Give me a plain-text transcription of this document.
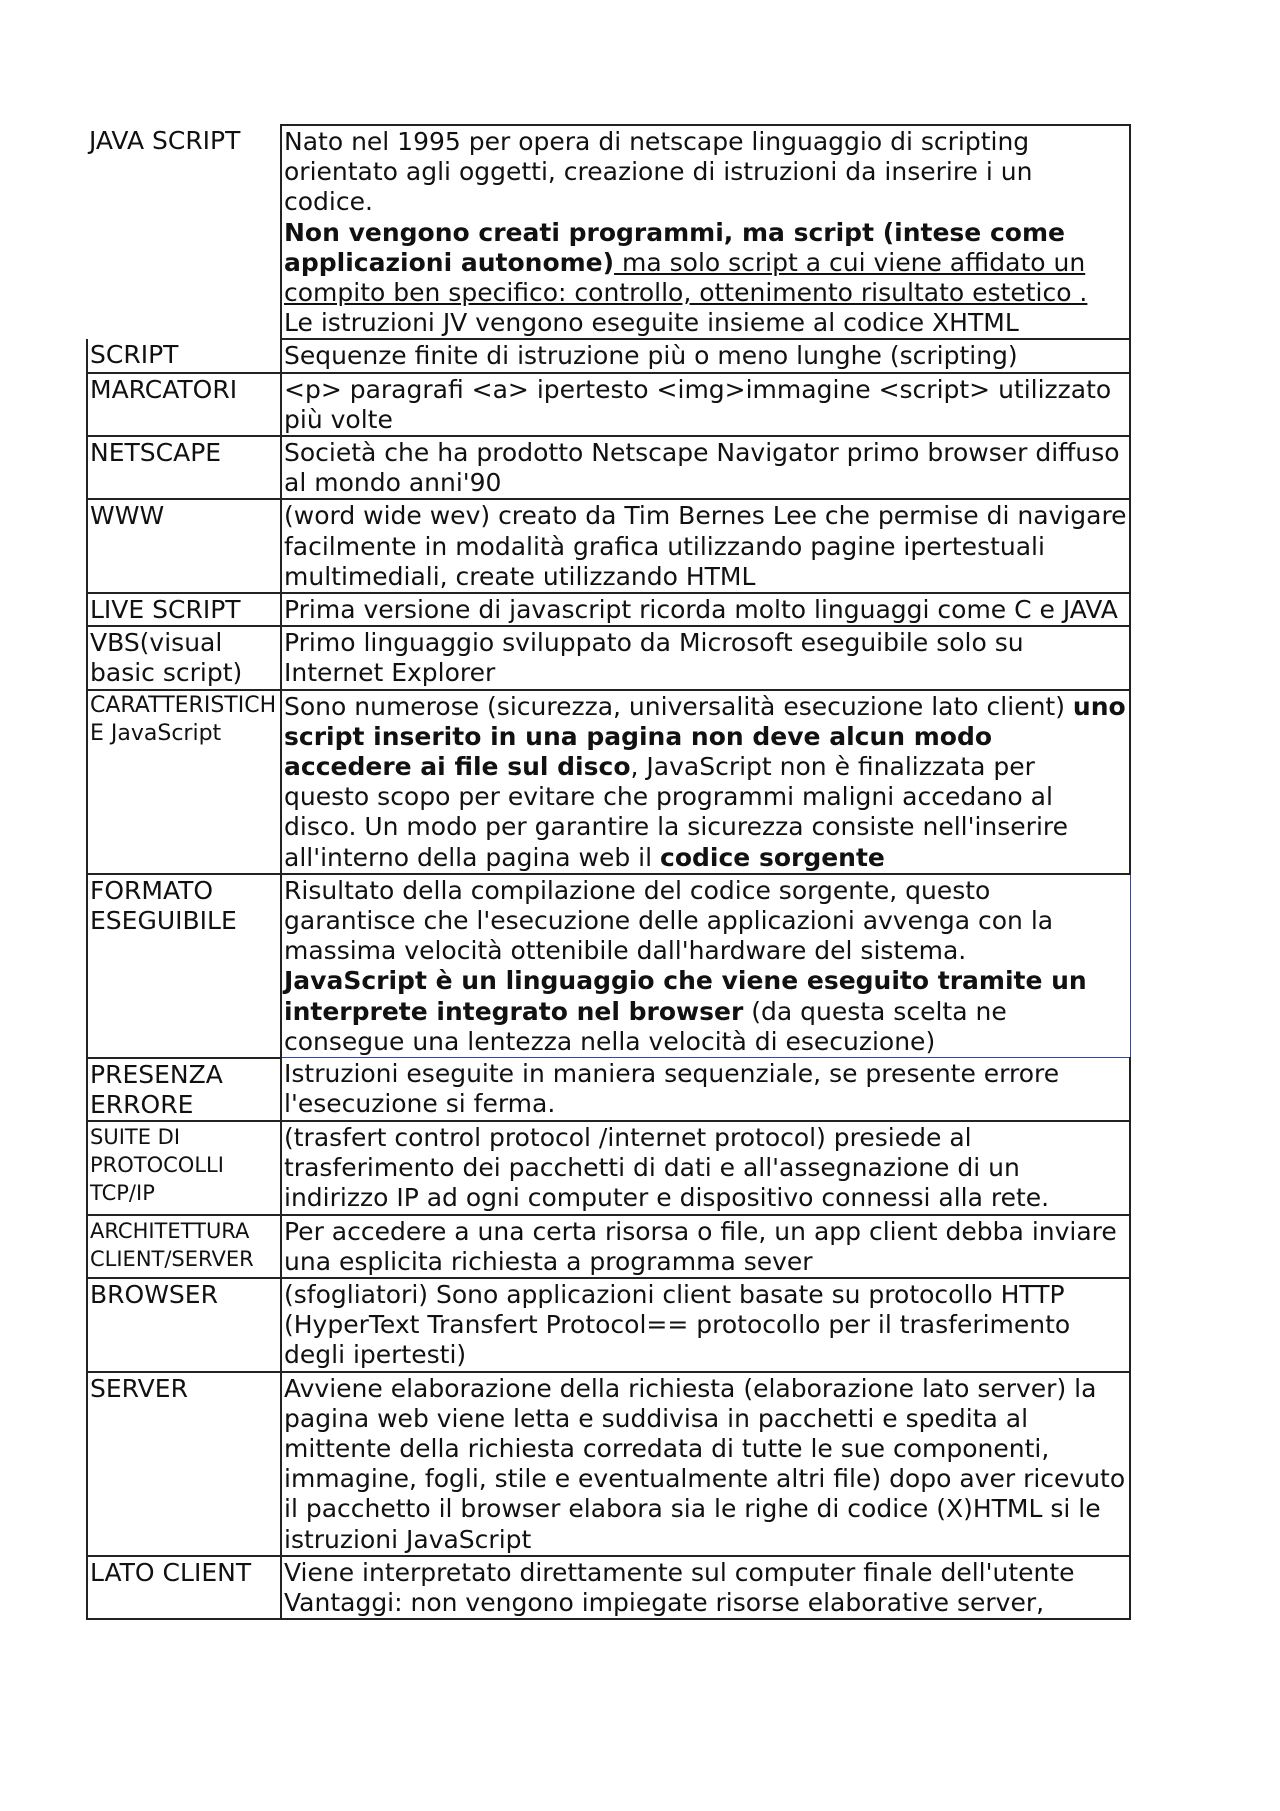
JAVA SCRIPT	Nato nel 1995 per opera di netscape linguaggio di scripting orientato agli oggetti, creazione di istruzioni da inserire i un codice.
Non vengono creati programmi, ma script (intese come applicazioni autonome) ma solo script a cui viene affidato un compito ben specifico: controllo, ottenimento risultato estetico .
Le istruzioni JV vengono eseguite insieme al codice XHTML
SCRIPT	Sequenze finite di istruzione più o meno lunghe (scripting)
MARCATORI	<p> paragrafi <a> ipertesto <img>immagine <script> utilizzato più volte
NETSCAPE	Società che ha prodotto Netscape Navigator primo browser diffuso al mondo anni'90
WWW	(word wide wev) creato da Tim Bernes Lee che permise di navigare facilmente in modalità grafica utilizzando pagine ipertestuali multimediali, create utilizzando HTML
LIVE SCRIPT	Prima versione di javascript ricorda molto linguaggi come C e JAVA
VBS(visual basic script)	Primo linguaggio sviluppato da Microsoft eseguibile solo su Internet Explorer
CARATTERISTICHE JavaScript	Sono numerose (sicurezza, universalità esecuzione lato client) uno script inserito in una pagina non deve alcun modo accedere ai file sul disco, JavaScript non è finalizzata per questo scopo per evitare che programmi maligni accedano al disco. Un modo per garantire la sicurezza consiste nell'inserire all'interno della pagina web il codice sorgente
FORMATO ESEGUIBILE	Risultato della compilazione del codice sorgente, questo garantisce che l'esecuzione delle applicazioni avvenga con la massima velocità ottenibile dall'hardware del sistema.
JavaScript è un linguaggio che viene eseguito tramite un interprete integrato nel browser (da questa scelta ne consegue una lentezza nella velocità di esecuzione)
PRESENZA ERRORE	Istruzioni eseguite in maniera sequenziale, se presente errore l'esecuzione si ferma.
SUITE DI PROTOCOLLI TCP/IP	(trasfert control protocol /internet protocol) presiede al trasferimento dei pacchetti di dati e all'assegnazione di un indirizzo IP ad ogni computer e dispositivo connessi alla rete.
ARCHITETTURA CLIENT/SERVER	Per accedere a una certa risorsa o file, un app client debba inviare una esplicita richiesta a programma sever
BROWSER	(sfogliatori) Sono applicazioni client basate su protocollo HTTP (HyperText Transfert Protocol== protocollo per il trasferimento degli ipertesti)
SERVER	Avviene elaborazione della richiesta (elaborazione lato server) la pagina web viene letta e suddivisa in pacchetti e spedita al mittente della richiesta corredata di tutte le sue componenti, immagine, fogli, stile e eventualmente altri file) dopo aver ricevuto il pacchetto il browser elabora sia le righe di codice (X)HTML si le istruzioni JavaScript
LATO CLIENT	Viene interpretato direttamente sul computer finale dell'utente
Vantaggi: non vengono impiegate risorse elaborative server,
